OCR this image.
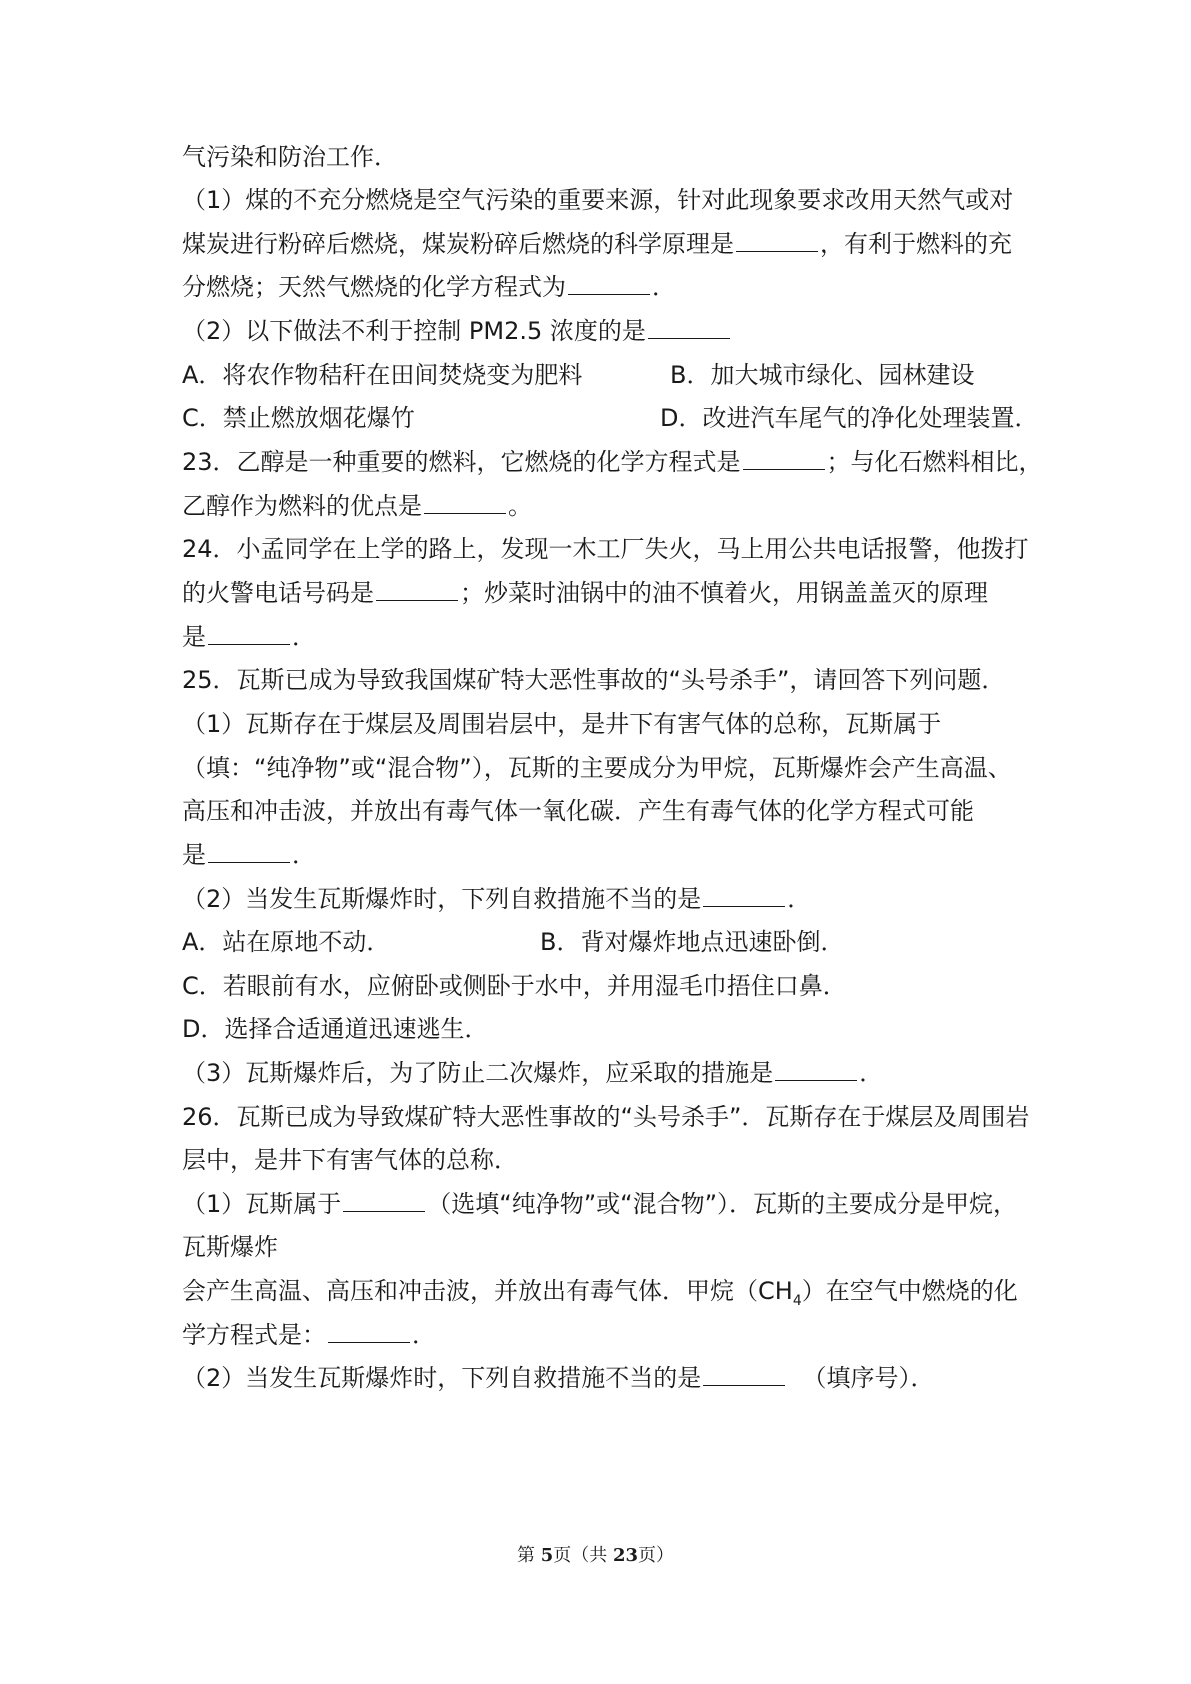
气污染和防治工作．
（1）煤的不充分燃烧是空气污染的重要来源，针对此现象要求改用天然气或对
煤炭进行粉碎后燃烧，煤炭粉碎后燃烧的科学原理是	，有利于燃料的充
分燃烧；天然气燃烧的化学方程式为	．
（2）以下做法不利于控制 PM2.5 浓度的是
A．将农作物秸秆在田间焚烧变为肥料	B．加大城市绿化、园林建设
C．禁止燃放烟花爆竹	D．改进汽车尾气的净化处理装置．
23．乙醇是一种重要的燃料，它燃烧的化学方程式是	；与化石燃料相比，
乙醇作为燃料的优点是	。
24．小孟同学在上学的路上，发现一木工厂失火，马上用公共电话报警，他拨打
的火警电话号码是	；炒菜时油锅中的油不慎着火，用锅盖盖灭的原理
是	．
25．瓦斯已成为导致我国煤矿特大恶性事故的“头号杀手”，请回答下列问题．
（1）瓦斯存在于煤层及周围岩层中，是井下有害气体的总称，瓦斯属于
（填：“纯净物”或“混合物”），瓦斯的主要成分为甲烷，瓦斯爆炸会产生高温、
高压和冲击波，并放出有毒气体一氧化碳．产生有毒气体的化学方程式可能
是	．
（2）当发生瓦斯爆炸时，下列自救措施不当的是	．
A．站在原地不动．	B．背对爆炸地点迅速卧倒．
C．若眼前有水，应俯卧或侧卧于水中，并用湿毛巾捂住口鼻．
D．选择合适通道迅速逃生．
（3）瓦斯爆炸后，为了防止二次爆炸，应采取的措施是	．
26．瓦斯已成为导致煤矿特大恶性事故的“头号杀手”．瓦斯存在于煤层及周围岩
层中，是井下有害气体的总称．
（1）瓦斯属于	（选填“纯净物”或“混合物”）．瓦斯的主要成分是甲烷，
瓦斯爆炸
会产生高温、高压和冲击波，并放出有毒气体．甲烷$(CH_4)$在空气中燃烧的化
学方程式是：	．
（2）当发生瓦斯爆炸时，下列自救措施不当的是	（填序号）．
第 5页（共 23页）
